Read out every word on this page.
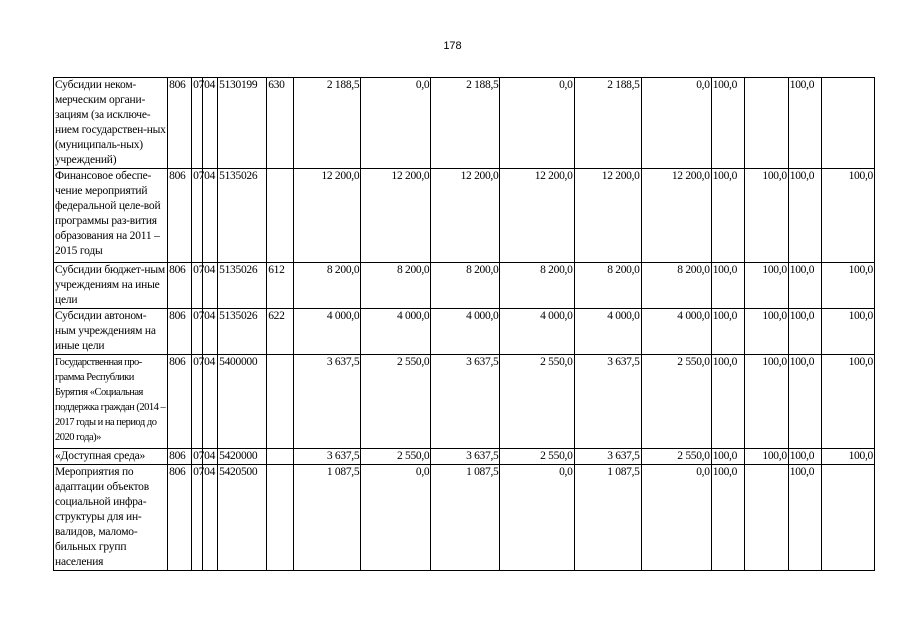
178
Субсидии неком-мерческим органи-зациям (за исключе-нием государствен-ных (муниципаль-ных) учреждений)	806	07	04	5130199	630	2 188,5	0,0	2 188,5	0,0	2 188,5	0,0	100,0		100,0	
Финансовое обеспе-чение мероприятий федеральной целе-вой программы раз-вития образования на 2011 – 2015 годы	806	07	04	5135026		12 200,0	12 200,0	12 200,0	12 200,0	12 200,0	12 200,0	100,0	100,0	100,0	100,0
Субсидии бюджет-ным учреждениям на иные цели	806	07	04	5135026	612	8 200,0	8 200,0	8 200,0	8 200,0	8 200,0	8 200,0	100,0	100,0	100,0	100,0
Субсидии автоном-ным учреждениям на иные цели	806	07	04	5135026	622	4 000,0	4 000,0	4 000,0	4 000,0	4 000,0	4 000,0	100,0	100,0	100,0	100,0
Государственная про-грамма Республики Бурятия «Социальная поддержка граждан (2014 – 2017 годы и на период до 2020 года)»	806	07	04	5400000		3 637,5	2 550,0	3 637,5	2 550,0	3 637,5	2 550,0	100,0	100,0	100,0	100,0
«Доступная среда»	806	07	04	5420000		3 637,5	2 550,0	3 637,5	2 550,0	3 637,5	2 550,0	100,0	100,0	100,0	100,0
Мероприятия по адаптации объектов социальной инфра-структуры для ин-валидов, маломо-бильных групп населения	806	07	04	5420500		1 087,5	0,0	1 087,5	0,0	1 087,5	0,0	100,0		100,0	
